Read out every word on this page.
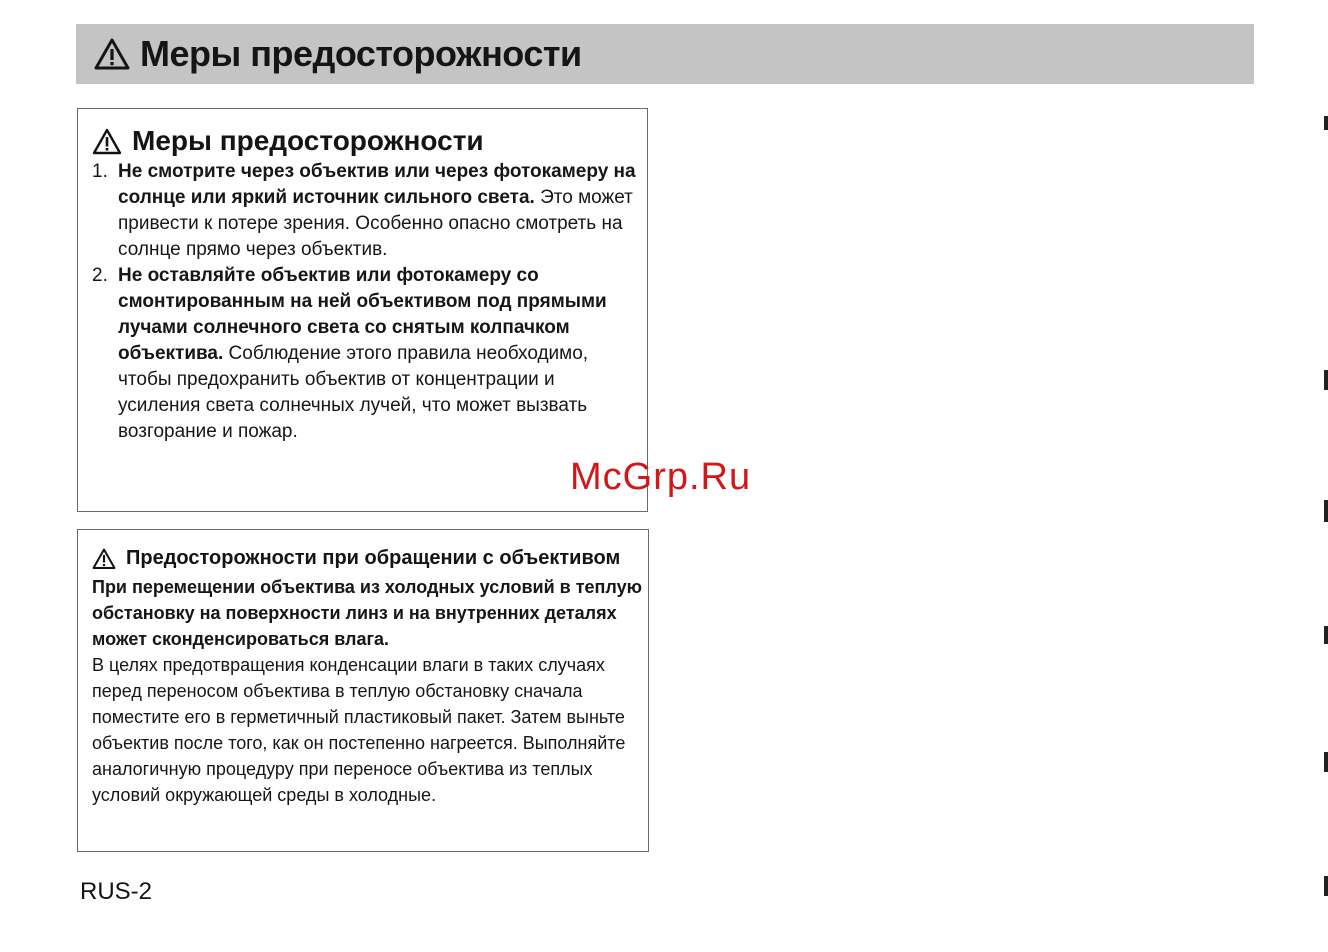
Меры предосторожности
Меры предосторожности
1. Не смотрите через объектив или через фотокамеру на солнце или яркий источник сильного света. Это может привести к потере зрения. Особенно опасно смотреть на солнце прямо через объектив.
2. Не оставляйте объектив или фотокамеру со смонтированным на ней объективом под прямыми лучами солнечного света со снятым колпачком объектива. Соблюдение этого правила необходимо, чтобы предохранить объектив от концентрации и усиления света солнечных лучей, что может вызвать возгорание и пожар.
Предосторожности при обращении с объективом

При перемещении объектива из холодных условий в теплую обстановку на поверхности линз и на внутренних деталях может сконденсироваться влага.

В целях предотвращения конденсации влаги в таких случаях перед переносом объектива в теплую обстановку сначала поместите его в герметичный пластиковый пакет. Затем выньте объектив после того, как он постепенно нагреется. Выполняйте аналогичную процедуру при переносе объектива из теплых условий окружающей среды в холодные.

McGrp.Ru
RUS-2
